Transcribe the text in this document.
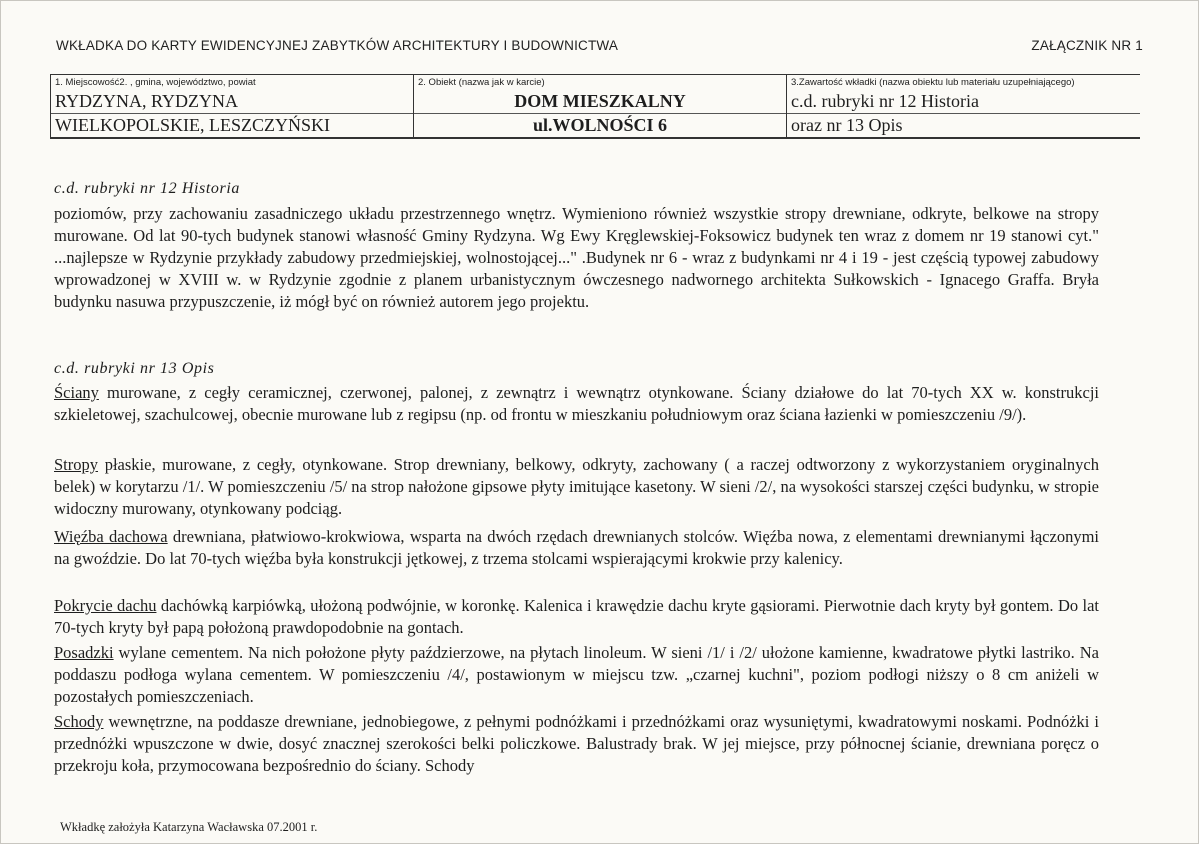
WKŁADKA DO KARTY EWIDENCYJNEJ ZABYTKÓW ARCHITEKTURY I BUDOWNICTWA	ZAŁĄCZNIK NR 1
1. Miejscowość2. , gmina, województwo, powiat
RYDZYNA, RYDZYNA
WIELKOPOLSKIE, LESZCZYŃSKI
2. Obiekt (nazwa jak w karcie)
DOM MIESZKALNY
ul.WOLNOŚCI 6
3.Zawartość wkładki (nazwa obiektu lub materiału uzupełniającego)
c.d. rubryki nr 12 Historia
oraz nr 13 Opis
c.d. rubryki nr 12 Historia

poziomów, przy zachowaniu zasadniczego układu przestrzennego wnętrz. Wymieniono również wszystkie stropy drewniane, odkryte, belkowe na stropy murowane. Od lat 90-tych budynek stanowi własność Gminy Rydzyna. Wg Ewy Kręglewskiej-Foksowicz budynek ten wraz z domem nr 19 stanowi cyt." ...najlepsze w Rydzynie przykłady zabudowy przedmiejskiej, wolnostojącej..." .Budynek nr 6 - wraz z budynkami nr 4 i 19 - jest częścią typowej zabudowy wprowadzonej w XVIII w. w Rydzynie zgodnie z planem urbanistycznym ówczesnego nadwornego architekta Sułkowskich - Ignacego Graffa. Bryła budynku nasuwa przypuszczenie, iż mógł być on również autorem jego projektu.

c.d. rubryki nr 13 Opis

Ściany murowane, z cegły ceramicznej, czerwonej, palonej, z zewnątrz i wewnątrz otynkowane. Ściany działowe do lat 70-tych XX w. konstrukcji szkieletowej, szachulcowej, obecnie murowane lub z regipsu (np. od frontu w mieszkaniu południowym oraz ściana łazienki w pomieszczeniu /9/).

Stropy płaskie, murowane, z cegły, otynkowane. Strop drewniany, belkowy, odkryty, zachowany ( a raczej odtworzony z wykorzystaniem oryginalnych belek) w korytarzu /1/. W pomieszczeniu /5/ na strop nałożone gipsowe płyty imitujące kasetony. W sieni /2/, na wysokości starszej części budynku, w stropie widoczny murowany, otynkowany podciąg.

Więźba dachowa drewniana, płatwiowo-krokwiowa, wsparta na dwóch rzędach drewnianych stolców. Więźba nowa, z elementami drewnianymi łączonymi na gwoździe. Do lat 70-tych więźba była konstrukcji jętkowej, z trzema stolcami wspierającymi krokwie przy kalenicy.

Pokrycie dachu dachówką karpiówką, ułożoną podwójnie, w koronkę. Kalenica i krawędzie dachu kryte gąsiorami. Pierwotnie dach kryty był gontem. Do lat 70-tych kryty był papą położoną prawdopodobnie na gontach.

Posadzki wylane cementem. Na nich położone płyty paździerzowe, na płytach linoleum. W sieni /1/ i /2/ ułożone kamienne, kwadratowe płytki lastriko. Na poddaszu podłoga wylana cementem. W pomieszczeniu /4/, postawionym w miejscu tzw. „czarnej kuchni", poziom podłogi niższy o 8 cm aniżeli w pozostałych pomieszczeniach.

Schody wewnętrzne, na poddasze drewniane, jednobiegowe, z pełnymi podnóżkami i przednóżkami oraz wysuniętymi, kwadratowymi noskami. Podnóżki i przednóżki wpuszczone w dwie, dosyć znacznej szerokości belki policzkowe. Balustrady brak. W jej miejsce, przy północnej ścianie, drewniana poręcz o przekroju koła, przymocowana bezpośrednio do ściany. Schody

Wkładkę założyła Katarzyna Wacławska 07.2001 r.
